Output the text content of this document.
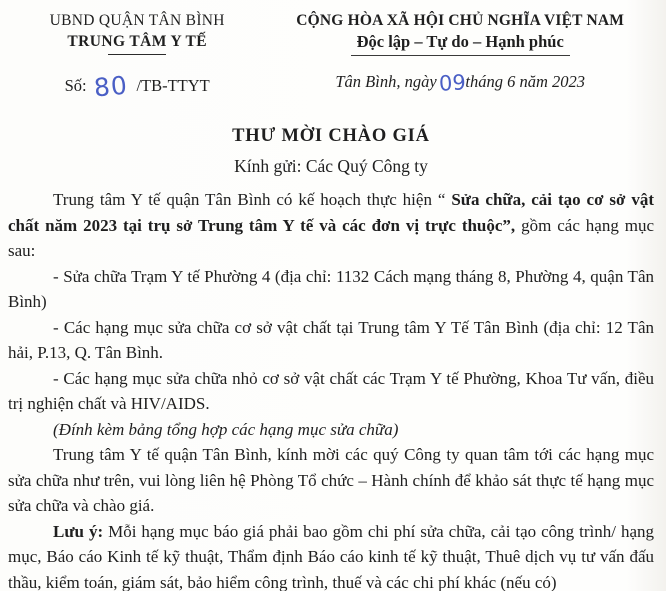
UBND QUẬN TÂN BÌNH
TRUNG TÂM Y TẾ
Số: 80 /TB-TTYT
CỘNG HÒA XÃ HỘI CHỦ NGHĨA VIỆT NAM
Độc lập – Tự do – Hạnh phúc
Tân Bình, ngày09tháng 6 năm 2023
THƯ MỜI CHÀO GIÁ
Kính gửi: Các Quý Công ty

Trung tâm Y tế quận Tân Bình có kế hoạch thực hiện “ Sửa chữa, cải tạo cơ sở vật chất năm 2023 tại trụ sở Trung tâm Y tế và các đơn vị trực thuộc”, gồm các hạng mục sau:

- Sửa chữa Trạm Y tế Phường 4 (địa chỉ: 1132 Cách mạng tháng 8, Phường 4, quận Tân Bình)

- Các hạng mục sửa chữa cơ sở vật chất tại Trung tâm Y Tế Tân Bình (địa chỉ: 12 Tân hải, P.13, Q. Tân Bình.

- Các hạng mục sửa chữa nhỏ cơ sở vật chất các Trạm Y tế Phường, Khoa Tư vấn, điều trị nghiện chất và HIV/AIDS.

(Đính kèm bảng tổng hợp các hạng mục sửa chữa)

Trung tâm Y tế quận Tân Bình, kính mời các quý Công ty quan tâm tới các hạng mục sửa chữa như trên, vui lòng liên hệ Phòng Tổ chức – Hành chính để khảo sát thực tế hạng mục sửa chữa và chào giá.

Lưu ý: Mỗi hạng mục báo giá phải bao gồm chi phí sửa chữa, cải tạo công trình/ hạng mục, Báo cáo Kinh tế kỹ thuật, Thẩm định Báo cáo kinh tế kỹ thuật, Thuê dịch vụ tư vấn đấu thầu, kiểm toán, giám sát, bảo hiểm công trình, thuế và các chi phí khác (nếu có)
